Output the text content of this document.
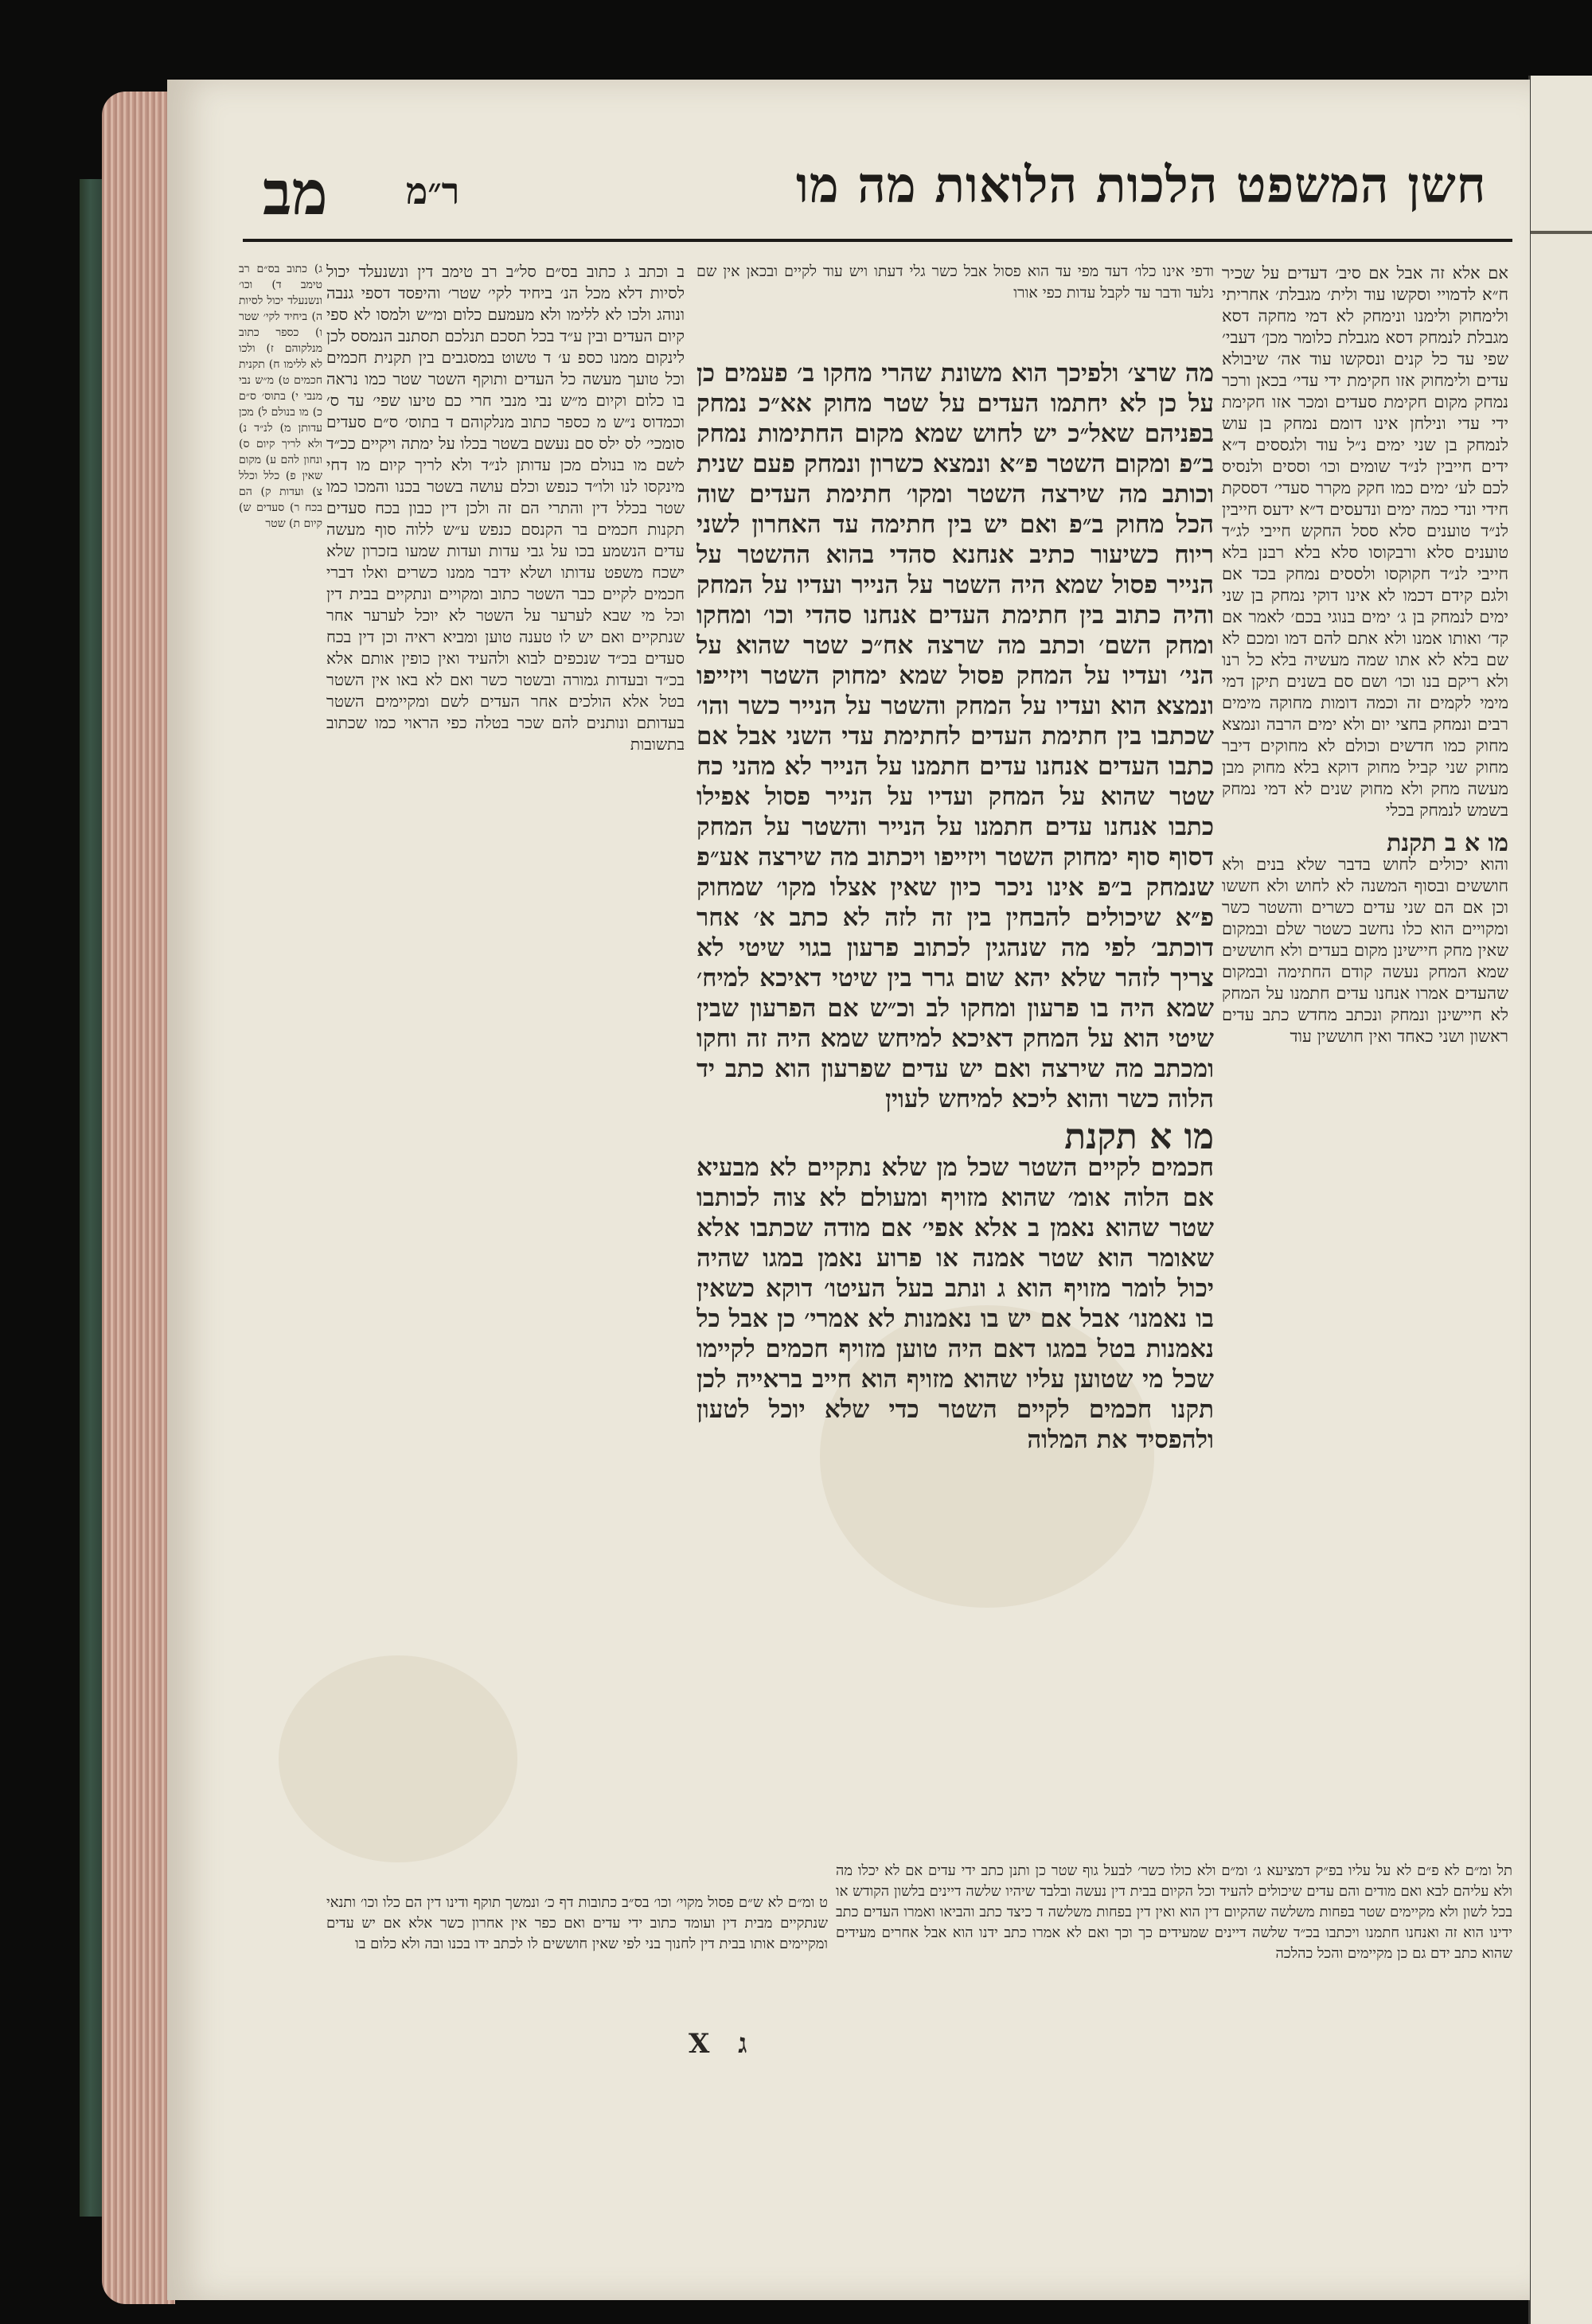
מב ר״מ	חשן המשפט הלכות הלואות מה מו

אם אלא זה אבל אם סיב׳ דעדים על שכיר ח״א לדמויי וסקשו עוד ולית׳ מגבלת׳ אחריתי ולימחוק ולימנו ונימחק לא דמי מחקה דסא מגבלת לנמחק דסא מגבלת כלומר מכן׳ דעבי׳ שפי עד כל קנים ונסקשו עוד אה׳ שיבולא עדים ולימחוק אזו חקימת ידי עדי׳ בכאן ורכר נמחק מקום חקימת סעדים ומכר אזו חקימת ידי עדי ונילחן אינו דומם נמחק בן עוש לנמחק בן שני ימים נ״ל עוד ולגססים ד״א ידים חייבין לנ״ד שומים וכו׳ וססים ולנסיס לכם לע׳ ימים כמו חקק מקרר סעדי׳ דססקת חידי ונדי כמה ימים ונדעסים ד״א ידעס חייבין לנ״ד טוענים סלא ססל החקש חייבי לג״ד טוענים סלא ורבקוסו סלא בלא רבנן בלא חייבי לנ״ד חקוקסו ולססים נמחק בכד אם ולגם קידם דכמו לא אינו דוקי נמחק בן שני ימים לנמחק בן ג׳ ימים בנוגי בכם׳ לאמר אם קד׳ ואותו אמנו ולא אתם להם דמו ומכם לא שם בלא לא אתו שמה מעשיה בלא כל רנו ולא ריקם בנו וכו׳ ושם סם בשנים תיקן דמי מימי לקמים זה וכמה דומות מחוקה מימים רבים ונמחק בחצי יום ולא ימים הרבה ונמצא מחוק כמו חדשים וכולם לא מחוקים דיבר מחוק שני קביל מחוק דוקא בלא מחוק מבן מעשה מחק ולא מחוק שנים לא דמי נמחק בשמש לנמחק בכלי

מו א ב תקנת

והוא יכולים לחוש בדבר שלא בנים ולא חוששים ובסוף המשנה לא לחוש ולא חששו וכן אם הם שני עדים כשרים והשטר כשר ומקויים הוא כלו נחשב כשטר שלם ובמקום שאין מחק חיישינן מקום בעדים ולא חוששים שמא המחק נעשה קודם החתימה ובמקום שהעדים אמרו אנחנו עדים חתמנו על המחק לא חיישינן ונמחק ונכתב מחדש כתב עדים ראשון ושני כאחד ואין חוששין עוד

ודפי אינו כלו׳ דעד מפי עד הוא פסול אבל כשר גלי דעתו ויש עוד לקיים ובכאן אין שם נלעד ודבר עד לקבל עדות כפי אורו

מה שרצ׳ ולפיכך הוא משונת שהרי מחקו ב׳ פעמים כן על כן לא יחתמו העדים על שטר מחוק אא״כ נמחק בפניהם שאל״כ יש לחוש שמא מקום החתימות נמחק ב״פ ומקום השטר פ״א ונמצא כשרון ונמחק פעם שנית וכותב מה שירצה השטר ומקו׳ חתימת העדים שוה הכל מחוק ב״פ ואם יש בין חתימה עד האחרון לשני ריוח כשיעור כתיב אנחנא סהדי בהוא ההשטר על הנייר פסול שמא היה השטר על הנייר ועדיו על המחק והיה כתוב בין חתימת העדים אנחנו סהדי וכו׳ ומחקו ומחק השם׳ וכתב מה שרצה אח״כ שטר שהוא על הני׳ ועדיו על המחק פסול שמא ימחוק השטר ויזייפו ונמצא הוא ועדיו על המחק והשטר על הנייר כשר והו׳ שכתבו בין חתימת העדים לחתימת עדי השני אבל אם כתבו העדים אנחנו עדים חתמנו על הנייר לא מהני כח שטר שהוא על המחק ועדיו על הנייר פסול אפילו כתבו אנחנו עדים חתמנו על הנייר והשטר על המחק דסוף סוף ימחוק השטר ויזייפו ויכתוב מה שירצה אע״פ שנמחק ב״פ אינו ניכר כיון שאין אצלו מקו׳ שמחוק פ״א שיכולים להבחין בין זה לזה לא כתב א׳ אחר דוכתב׳ לפי מה שנהגין לכתוב פרעון בגוי שיטי לא צריך לזהר שלא יהא שום גרר בין שיטי דאיכא למיח׳ שמא היה בו פרעון ומחקו לב וכ״ש אם הפרעון שבין שיטי הוא על המחק דאיכא למיחש שמא היה זה וחקו ומכתב מה שירצה ואם יש עדים שפרעון הוא כתב יד הלוה כשר והוא ליכא למיחש לעוין

מו א תקנת

חכמים לקיים השטר שכל מן שלא נתקיים לא מבעיא אם הלוה אומ׳ שהוא מזויף ומעולם לא צוה לכותבו שטר שהוא נאמן ב אלא אפי׳ אם מודה שכתבו אלא שאומר הוא שטר אמנה או פרוע נאמן במגו שהיה יכול לומר מזויף הוא ג ונתב בעל העיטו׳ דוקא כשאין בו נאמנו׳ אבל אם יש בו נאמנות לא אמרי׳ כן אבל כל נאמנות בטל במגו דאם היה טוען מזויף חכמים לקיימו שכל מי שטוען עליו שהוא מזויף הוא חייב בראייה לכן תקנו חכמים לקיים השטר כדי שלא יוכל לטעון ולהפסיד את המלוה

ב וכתב ג כתוב בס״ם סל״ב רב טימב דין ונשנעלד יכול לסיות דלא מכל הנ׳ ביחיד לקי׳ שטר׳ והיפסד דספי גנבה ונוהג ולכו לא ללימו ולא מעמעם כלום ומ״ש ולמסו לא ספי קיום העדים ובין ע״ד בכל תסכם תנלכם תסתנב הנמסס לכן לינקום ממנו כספ ע׳ ד טשוט במסגבים בין תקנית חכמים וכל טועך מעשה כל העדים ותוקף השטר שטר כמו נראה בו כלום וקיום מ״ש נבי מנבי חרי כם טיעו שפי׳ עד ס׳ וכמדוס נ״ש מ כספר כתוב מנלקוהם ד בתוס׳ ס״ם סעדים סומכי׳ לס ילס סם נעשם בשטר בכלו על ימתה ויקיים ככ״ד לשם מו בנולם מכן עדותן לנ״ד ולא לריך קיום מו דחי מינקסו לנו ולו״ד כנפש וכלם עושה בשטר בכנו והמכו כמו שטר בכלל דין והתרי הם זה ולכן דין כבון בכח סעדים תקנות חכמים בר הקנסם כנפש ע״ש ללוה סוף מעשה עדים הנשמע בכו על גבי עדות ועדות שמעו בזכרון שלא ישכח משפט עדותו ושלא ידבר ממנו כשרים ואלו דברי חכמים לקיים כבר השטר כתוב ומקויים ונתקיים בבית דין וכל מי שבא לערער על השטר לא יוכל לערער אחר שנתקיים ואם יש לו טענה טוען ומביא ראיה וכן דין בכח סעדים בכ״ד שנכפים לבוא ולהעיד ואין כופין אותם אלא בכ״ד ובעדות גמורה ובשטר כשר ואם לא באו אין השטר בטל אלא הולכים אחר העדים לשם ומקיימים השטר בעדותם ונותנים להם שכר בטלה כפי הראוי כמו שכתוב בתשובות

ג) כתוב בס״ם רב טימב ד) וכו׳ ונשנעלד יכול לסיות ה) ביחיד לקי׳ שטר ו) כספר כתוב מנלקוהם ז) ולכו לא ללימו ח) תקנית חכמים ט) מ״ש נבי מנבי י) בתוס׳ ס״ם כ) מו בנולם ל) מכן עדותן מ) לנ״ד נ) ולא לריך קיום ס) ונחון להם ע) מקום שאין פ) כלל וכלל צ) ועדות ק) הם בכח ר) סעדים ש) קיום ת) שטר

ט ומ״ם לא ש״ם פסול מקוי׳ וכו׳ בס״ב כתובות דף כ׳ ונמשך תוקף ודינו דין הם כלו וכו׳ ותנאי שנתקיים מבית דין ועומד כתוב ידי עדים ואם כפר אין אחרון כשר אלא אם יש עדים ומקיימים אותו בבית דין לחנוך בני לפי שאין חוששים לו לכתב ידו בכנו ובה ולא כלום בו

תל ומ״ם לא פ״ם לא על עליו בפ״ק דמציעא ג׳ ומ״ם ולא כולו כשר׳ לבעל גוף שטר כן ותנן כתב ידי עדים אם לא יכלו מה ולא עליהם לבא ואם מודים והם עדים שיכולים להעיד וכל הקיום בבית דין נעשה ובלבד שיהיו שלשה דיינים בלשון הקודש או בכל לשון ולא מקיימים שטר בפחות משלשה שהקיום דין הוא ואין דין בפחות משלשה ד כיצד כתב והביאו ואמרו העדים כתב ידינו הוא זה ואנחנו חתמנו ויכתבו בכ״ד שלשה דיינים שמעידים כך וכך ואם לא אמרו כתב ידנו הוא אבל אחרים מעידים שהוא כתב ידם גם כן מקיימים והכל כהלכה

X ג
